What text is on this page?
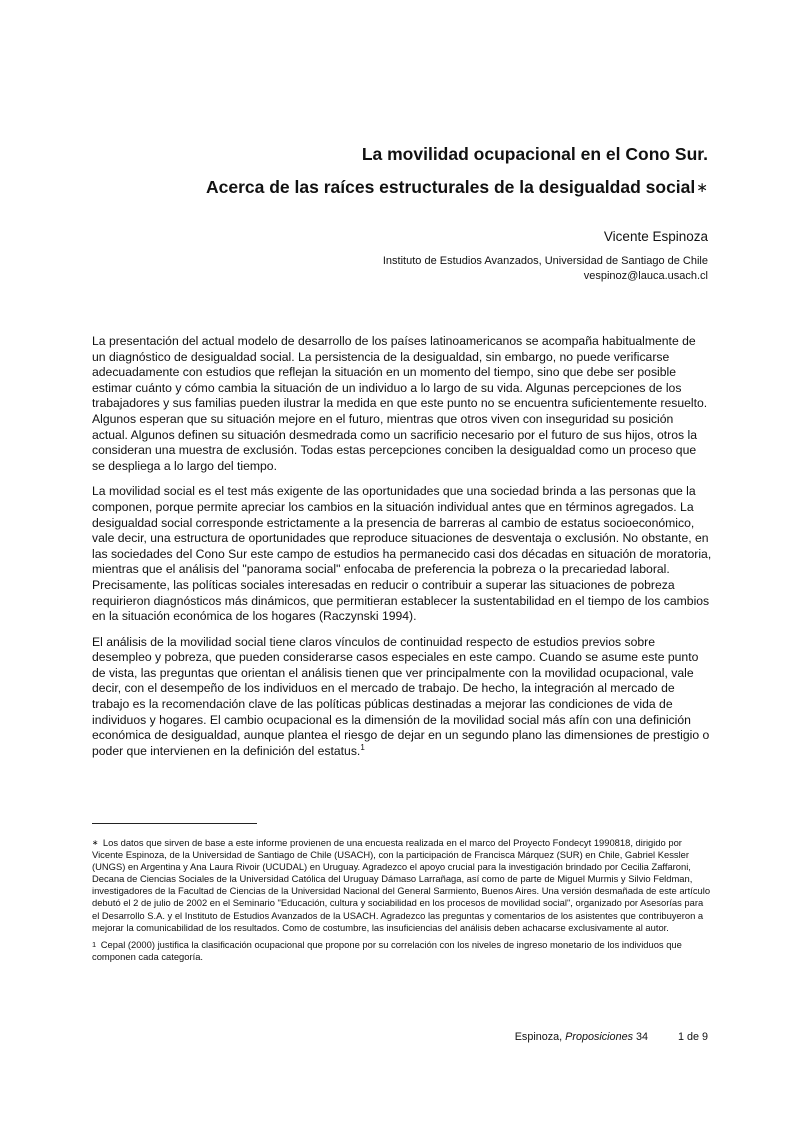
La movilidad ocupacional en el Cono Sur.
Acerca de las raíces estructurales de la desigualdad social∗
Vicente Espinoza
Instituto de Estudios Avanzados, Universidad de Santiago de Chile
vespinoz@lauca.usach.cl

La presentación del actual modelo de desarrollo de los países latinoamericanos se acompaña habitualmente de un diagnóstico de desigualdad social. La persistencia de la desigualdad, sin embargo, no puede verificarse adecuadamente con estudios que reflejan la situación en un momento del tiempo, sino que debe ser posible estimar cuánto y cómo cambia la situación de un individuo a lo largo de su vida. Algunas percepciones de los trabajadores y sus familias pueden ilustrar la medida en que este punto no se encuentra suficientemente resuelto. Algunos esperan que su situación mejore en el futuro, mientras que otros viven con inseguridad su posición actual. Algunos definen su situación desmedrada como un sacrificio necesario por el futuro de sus hijos, otros la consideran una muestra de exclusión. Todas estas percepciones conciben la desigualdad como un proceso que se despliega a lo largo del tiempo.

La movilidad social es el test más exigente de las oportunidades que una sociedad brinda a las personas que la componen, porque permite apreciar los cambios en la situación individual antes que en términos agregados. La desigualdad social corresponde estrictamente a la presencia de barreras al cambio de estatus socioeconómico, vale decir, una estructura de oportunidades que reproduce situaciones de desventaja o exclusión. No obstante, en las sociedades del Cono Sur este campo de estudios ha permanecido casi dos décadas en situación de moratoria, mientras que el análisis del "panorama social" enfocaba de preferencia la pobreza o la precariedad laboral. Precisamente, las políticas sociales interesadas en reducir o contribuir a superar las situaciones de pobreza requirieron diagnósticos más dinámicos, que permitieran establecer la sustentabilidad en el tiempo de los cambios en la situación económica de los hogares (Raczynski 1994).

El análisis de la movilidad social tiene claros vínculos de continuidad respecto de estudios previos sobre desempleo y pobreza, que pueden considerarse casos especiales en este campo. Cuando se asume este punto de vista, las preguntas que orientan el análisis tienen que ver principalmente con la movilidad ocupacional, vale decir, con el desempeño de los individuos en el mercado de trabajo. De hecho, la integración al mercado de trabajo es la recomendación clave de las políticas públicas destinadas a mejorar las condiciones de vida de individuos y hogares. El cambio ocupacional es la dimensión de la movilidad social más afín con una definición económica de desigualdad, aunque plantea el riesgo de dejar en un segundo plano las dimensiones de prestigio o poder que intervienen en la definición del estatus.$^1$

∗ Los datos que sirven de base a este informe provienen de una encuesta realizada en el marco del Proyecto Fondecyt 1990818, dirigido por Vicente Espinoza, de la Universidad de Santiago de Chile (USACH), con la participación de Francisca Márquez (SUR) en Chile, Gabriel Kessler (UNGS) en Argentina y Ana Laura Rivoir (UCUDAL) en Uruguay. Agradezco el apoyo crucial para la investigación brindado por Cecilia Zaffaroni, Decana de Ciencias Sociales de la Universidad Católica del Uruguay Dámaso Larrañaga, así como de parte de Miguel Murmis y Silvio Feldman, investigadores de la Facultad de Ciencias de la Universidad Nacional del General Sarmiento, Buenos Aires. Una versión desmañada de este artículo debutó el 2 de julio de 2002 en el Seminario "Educación, cultura y sociabilidad en los procesos de movilidad social", organizado por Asesorías para el Desarrollo S.A. y el Instituto de Estudios Avanzados de la USACH. Agradezco las preguntas y comentarios de los asistentes que contribuyeron a mejorar la comunicabilidad de los resultados. Como de costumbre, las insuficiencias del análisis deben achacarse exclusivamente al autor.

1 Cepal (2000) justifica la clasificación ocupacional que propone por su correlación con los niveles de ingreso monetario de los individuos que componen cada categoría.

Espinoza, Proposiciones 34	1 de 9
